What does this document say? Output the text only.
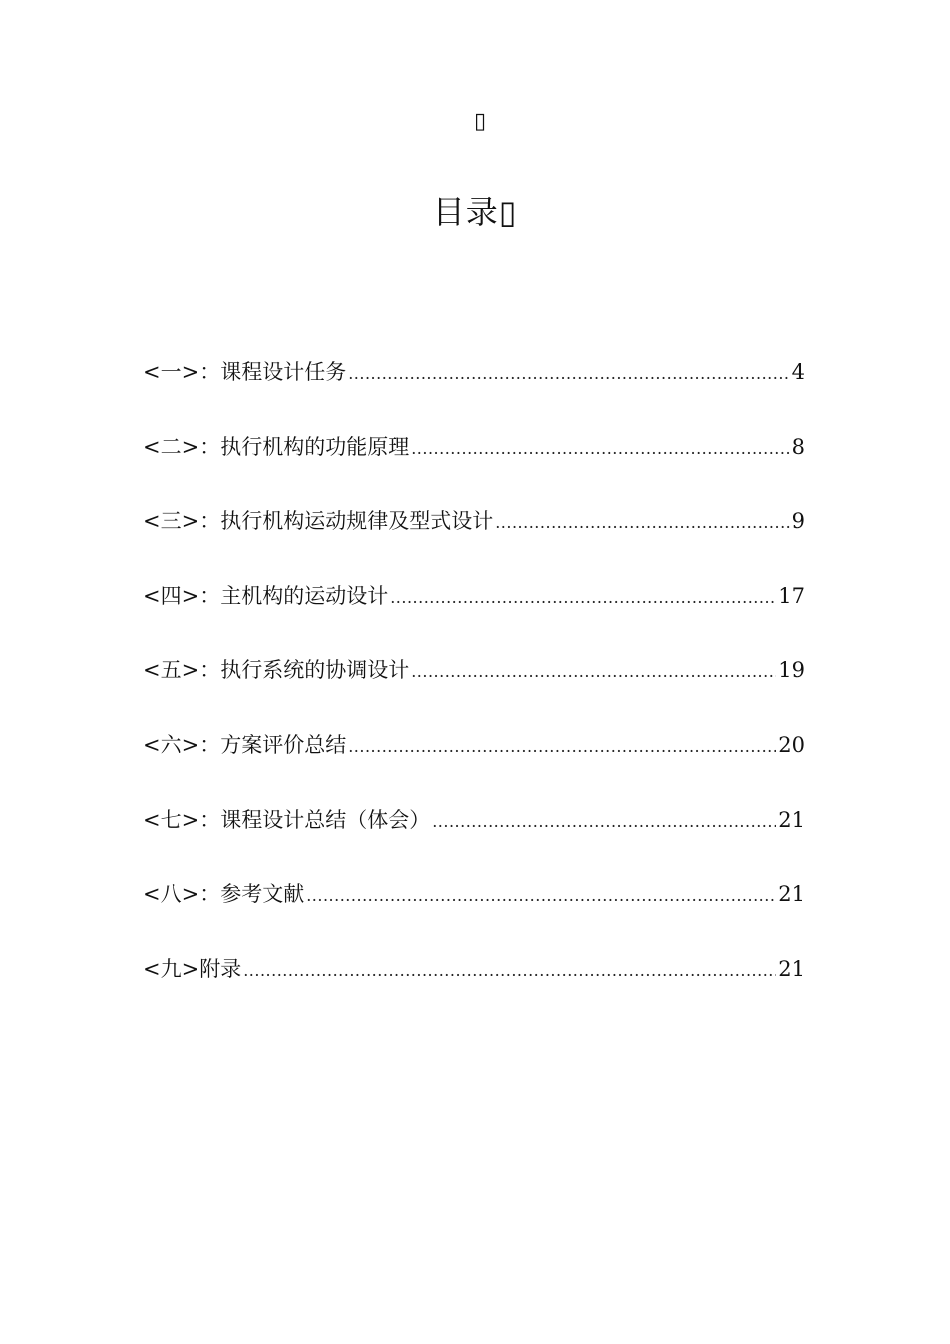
▯
目录▯
<一>：课程设计任务 .....	4
<二>：执行机构的功能原理 .....	8
<三>：执行机构运动规律及型式设计 .....	9
<四>：主机构的运动设计 .....	17
<五>：执行系统的协调设计 .....	19
<六>：方案评价总结 .....	20
<七>：课程设计总结（体会） .....	21
<八>：参考文献 .....	21
<九>附录 .....	21
